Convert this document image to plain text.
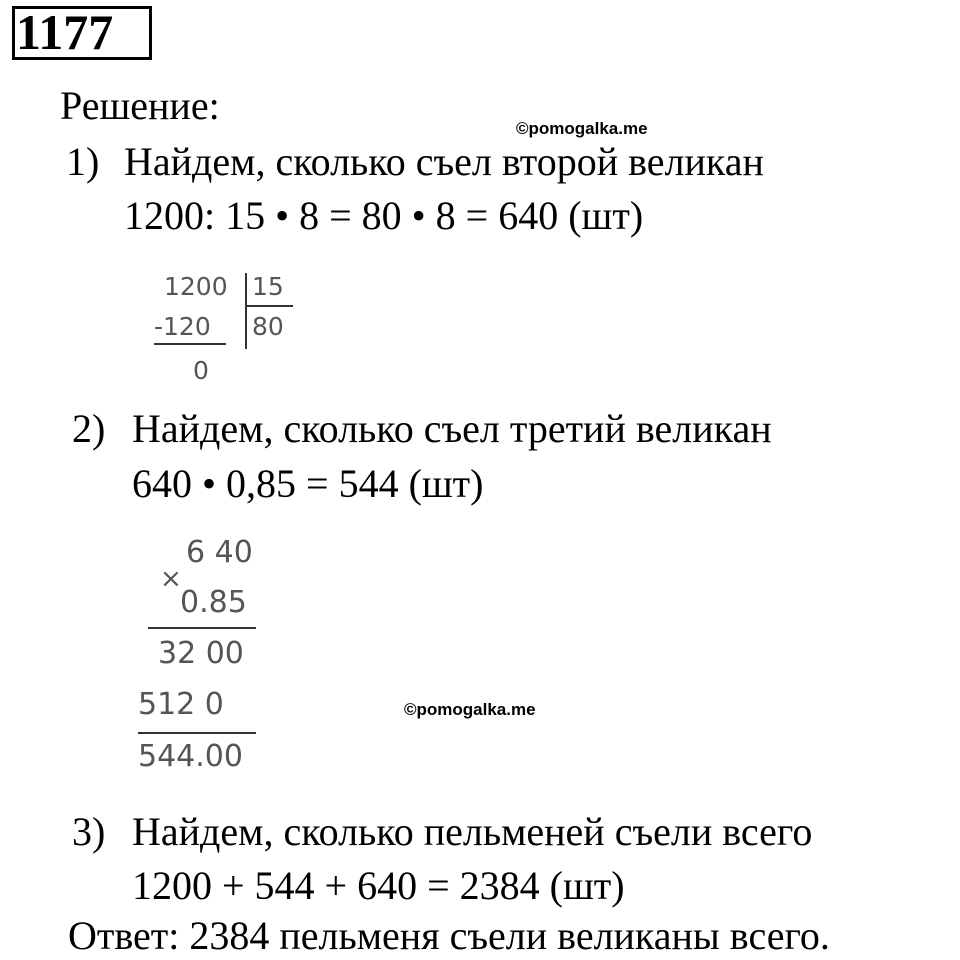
1177
Решение:
©pomogalka.me
1) Найдем, сколько съел второй великан
1200: 15 • 8 = 80 • 8 = 640 (шт)
1200 15
-120 80
0
2) Найдем, сколько съел третий великан
640 • 0,85 = 544 (шт)
6 40
×
0.85
32 00
512 0
544.00
©pomogalka.me
3) Найдем, сколько пельменей съели всего
1200 + 544 + 640 = 2384 (шт)
Ответ: 2384 пельменя съели великаны всего.
